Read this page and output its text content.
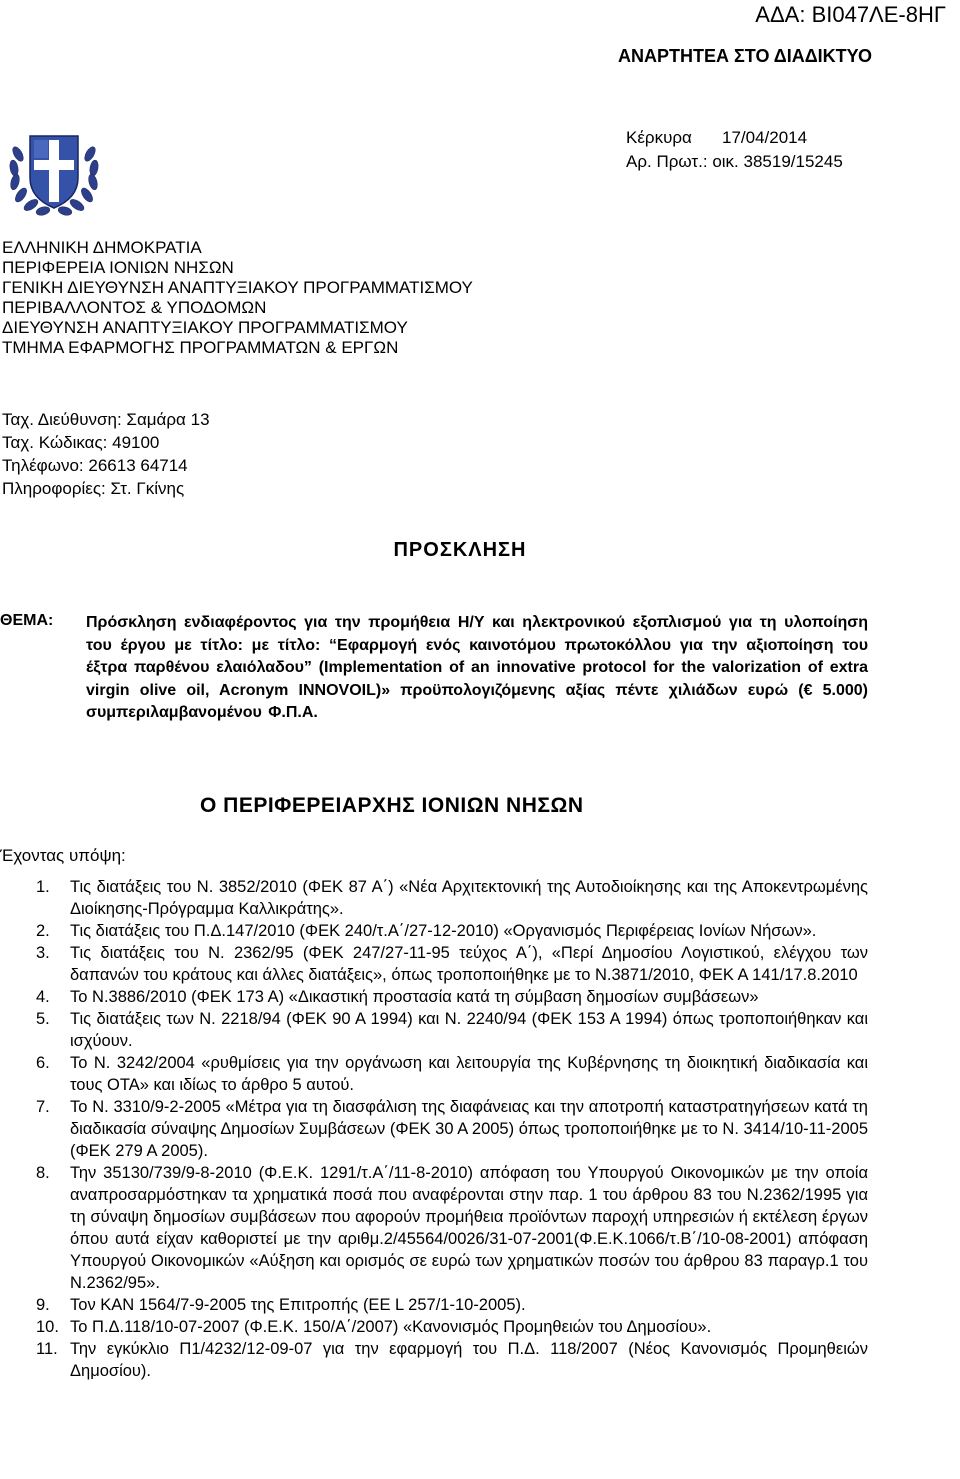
ΑΔΑ: ΒΙ047ΛΕ-8ΗΓ
ΑΝΑΡΤΗΤΕΑ ΣΤΟ ΔΙΑΔΙΚΤΥΟ
Κέρκυρα 17/04/2014
Αρ. Πρωτ.: οικ. 38519/15245
ΕΛΛΗΝΙΚΗ ΔΗΜΟΚΡΑΤΙΑ
ΠΕΡΙΦΕΡΕΙΑ ΙΟΝΙΩΝ ΝΗΣΩΝ
ΓΕΝΙΚΗ ΔΙΕΥΘΥΝΣΗ ΑΝΑΠΤΥΞΙΑΚΟΥ ΠΡΟΓΡΑΜΜΑΤΙΣΜΟΥ
ΠΕΡΙΒΑΛΛΟΝΤΟΣ & ΥΠΟΔΟΜΩΝ
ΔΙΕΥΘΥΝΣΗ ΑΝΑΠΤΥΞΙΑΚΟΥ ΠΡΟΓΡΑΜΜΑΤΙΣΜΟΥ
ΤΜΗΜΑ ΕΦΑΡΜΟΓΗΣ ΠΡΟΓΡΑΜΜΑΤΩΝ & ΕΡΓΩΝ
Ταχ. Διεύθυνση: Σαμάρα 13
Ταχ. Κώδικας: 49100
Τηλέφωνο: 26613 64714
Πληροφορίες: Στ. Γκίνης
ΠΡΟΣΚΛΗΣΗ
ΘΕΜΑ: Πρόσκληση ενδιαφέροντος για την προμήθεια Η/Υ και ηλεκτρονικού εξοπλισμού για τη υλοποίηση του έργου με τίτλο: με τίτλο: “Εφαρμογή ενός καινοτόμου πρωτοκόλλου για την αξιοποίηση του έξτρα παρθένου ελαιόλαδου” (Implementation of an innovative protocol for the valorization of extra virgin olive oil, Acronym INNOVOIL)» προϋπολογιζόμενης αξίας πέντε χιλιάδων ευρώ (€ 5.000) συμπεριλαμβανομένου Φ.Π.Α.
Ο ΠΕΡΙΦΕΡΕΙΑΡΧΗΣ ΙΟΝΙΩΝ ΝΗΣΩΝ
Έχοντας υπόψη:
1. Τις διατάξεις του Ν. 3852/2010 (ΦΕΚ 87 Α΄) «Νέα Αρχιτεκτονική της Αυτοδιοίκησης και της Αποκεντρωμένης Διοίκησης-Πρόγραμμα Καλλικράτης».
2. Τις διατάξεις του Π.Δ.147/2010 (ΦΕΚ 240/τ.Α΄/27-12-2010) «Οργανισμός Περιφέρειας Ιονίων Νήσων».
3. Τις διατάξεις του Ν. 2362/95 (ΦΕΚ 247/27-11-95 τεύχος Α΄), «Περί Δημοσίου Λογιστικού, ελέγχου των δαπανών του κράτους και άλλες διατάξεις», όπως τροποποιήθηκε με το Ν.3871/2010, ΦΕΚ Α 141/17.8.2010
4. Το Ν.3886/2010 (ΦΕΚ 173 Α) «Δικαστική προστασία κατά τη σύμβαση δημοσίων συμβάσεων»
5. Τις διατάξεις των Ν. 2218/94 (ΦΕΚ 90 Α 1994) και Ν. 2240/94 (ΦΕΚ 153 Α 1994) όπως τροποποιήθηκαν και ισχύουν.
6. Το Ν. 3242/2004 «ρυθμίσεις για την οργάνωση και λειτουργία της Κυβέρνησης τη διοικητική διαδικασία και τους ΟΤΑ» και ιδίως το άρθρο 5 αυτού.
7. Το Ν. 3310/9-2-2005 «Μέτρα για τη διασφάλιση της διαφάνειας και την αποτροπή καταστρατηγήσεων κατά τη διαδικασία σύναψης Δημοσίων Συμβάσεων (ΦΕΚ 30 Α 2005) όπως τροποποιήθηκε με το Ν. 3414/10-11-2005 (ΦΕΚ 279 Α 2005).
8. Την 35130/739/9-8-2010 (Φ.Ε.Κ. 1291/τ.Α΄/11-8-2010) απόφαση του Υπουργού Οικονομικών με την οποία αναπροσαρμόστηκαν τα χρηματικά ποσά που αναφέρονται στην παρ. 1 του άρθρου 83 του Ν.2362/1995 για τη σύναψη δημοσίων συμβάσεων που αφορούν προμήθεια προϊόντων παροχή υπηρεσιών ή εκτέλεση έργων όπου αυτά είχαν καθοριστεί με την αριθμ.2/45564/0026/31-07-2001(Φ.Ε.Κ.1066/τ.Β΄/10-08-2001) απόφαση Υπουργού Οικονομικών «Αύξηση και ορισμός σε ευρώ των χρηματικών ποσών του άρθρου 83 παραγρ.1 του Ν.2362/95».
9. Τον ΚΑΝ 1564/7-9-2005 της Επιτροπής (ΕΕ L 257/1-10-2005).
10. Το Π.Δ.118/10-07-2007 (Φ.Ε.Κ. 150/Α΄/2007) «Κανονισμός Προμηθειών του Δημοσίου».
11. Την εγκύκλιο Π1/4232/12-09-07 για την εφαρμογή του Π.Δ. 118/2007 (Νέος Κανονισμός Προμηθειών Δημοσίου).
